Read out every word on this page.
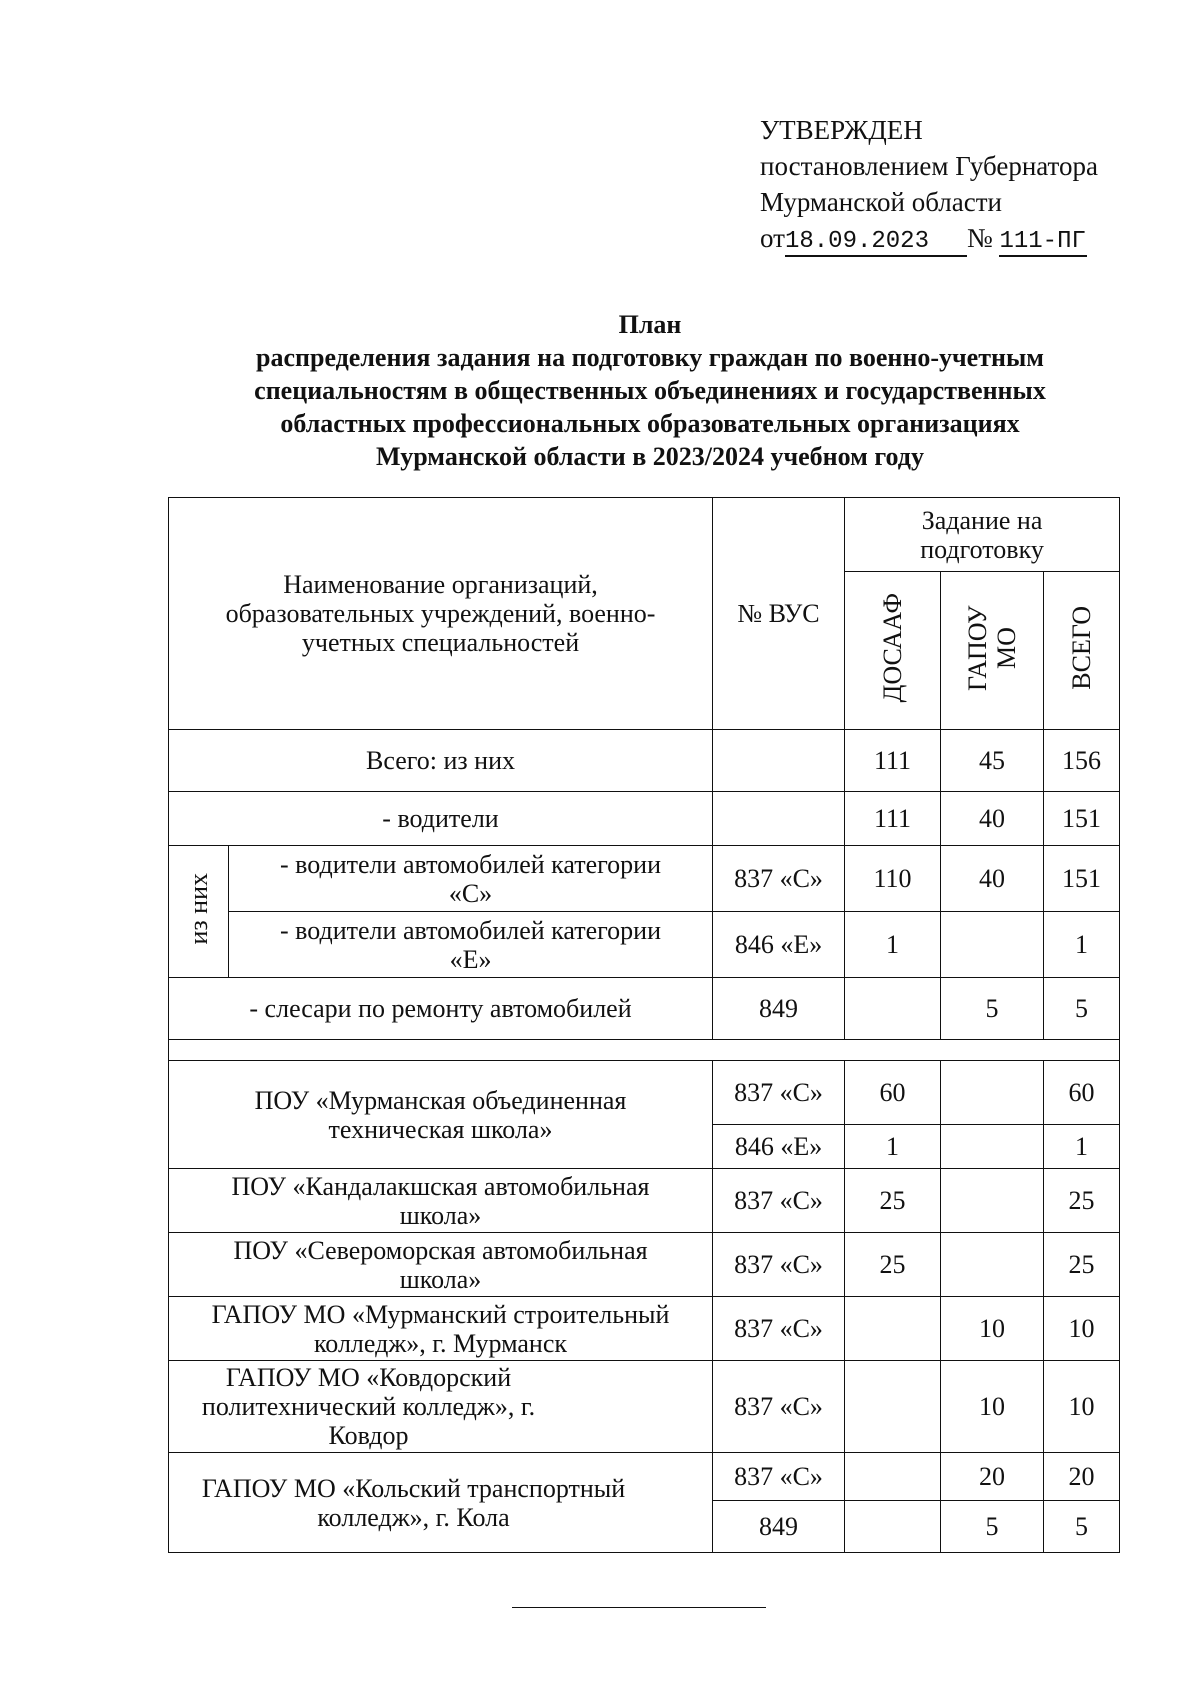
УТВЕРЖДЕН
постановлением Губернатора
Мурманской области
от18.09.2023 № 111-ПГ
План
распределения задания на подготовку граждан по военно-учетным
специальностям в общественных объединениях и государственных
областных профессиональных образовательных организациях
Мурманской области в 2023/2024 учебном году
Наименование организаций, образовательных учреждений, военно-учетных специальностей		№ ВУС	Задание на подготовку		
			ДОСААФ	ГАПОУ МО	ВСЕГО
Всего: из них			111	45	156
- водители			111	40	151
из них	- водители автомобилей категории «С»	837 «С»	110	40	151
	- водители автомобилей категории «Е»	846 «Е»	1		1
- слесари по ремонту автомобилей		849		5	5

ПОУ «Мурманская объединенная техническая школа»		837 «С»	60		60
		846 «Е»	1		1
ПОУ «Кандалакшская автомобильная школа»		837 «С»	25		25
ПОУ «Североморская автомобильная школа»		837 «С»	25		25
ГАПОУ МО «Мурманский строительный колледж», г. Мурманск		837 «С»		10	10
ГАПОУ МО «Ковдорский политехнический колледж», г. Ковдор		837 «С»		10	10
ГАПОУ МО «Кольский транспортный колледж», г. Кола		837 «С»		20	20
		849		5	5
